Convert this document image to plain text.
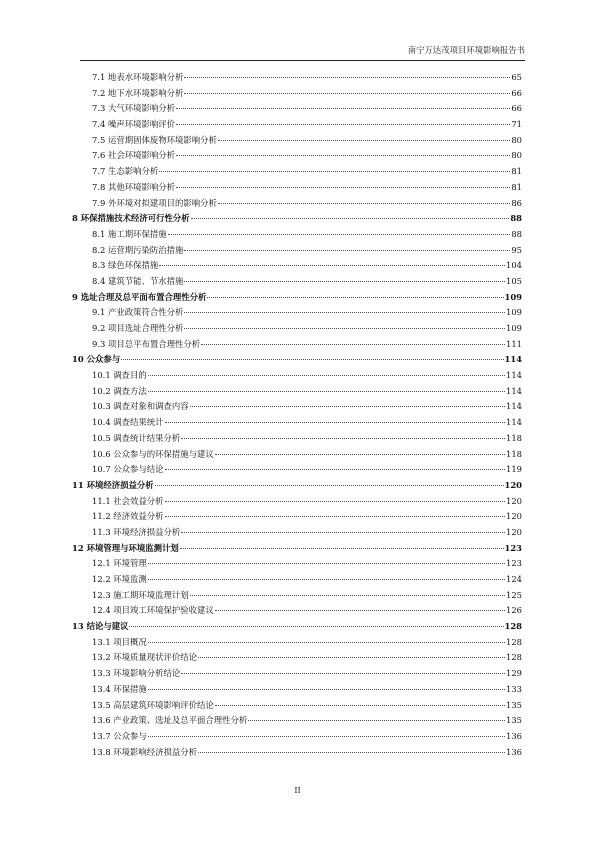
南宁万达茂项目环境影响报告书
7.1 地表水环境影响分析	65
7.2 地下水环境影响分析	66
7.3 大气环境影响分析	66
7.4 噪声环境影响评价	71
7.5 运营期固体废物环境影响分析	80
7.6 社会环境影响分析	80
7.7 生态影响分析	81
7.8 其他环境影响分析	81
7.9 外环境对拟建项目的影响分析	86
8 环保措施技术经济可行性分析	88
8.1 施工期环保措施	88
8.2 运营期污染防治措施	95
8.3 绿色环保措施	104
8.4 建筑节能、节水措施	105
9 选址合理及总平面布置合理性分析	109
9.1 产业政策符合性分析	109
9.2 项目选址合理性分析	109
9.3 项目总平布置合理性分析	111
10 公众参与	114
10.1 调查目的	114
10.2 调查方法	114
10.3 调查对象和调查内容	114
10.4 调查结果统计	114
10.5 调查统计结果分析	118
10.6 公众参与的环保措施与建议	118
10.7 公众参与结论	119
11 环境经济损益分析	120
11.1 社会效益分析	120
11.2 经济效益分析	120
11.3 环境经济损益分析	120
12 环境管理与环境监测计划	123
12.1 环境管理	123
12.2 环境监测	124
12.3 施工期环境监理计划	125
12.4 项目竣工环境保护验收建议	126
13 结论与建议	128
13.1 项目概况	128
13.2 环境质量现状评价结论	128
13.3 环境影响分析结论	129
13.4 环保措施	133
13.5 高层建筑环境影响评价结论	135
13.6 产业政策、选址及总平面合理性分析	135
13.7 公众参与	136
13.8 环境影响经济损益分析	136
II
